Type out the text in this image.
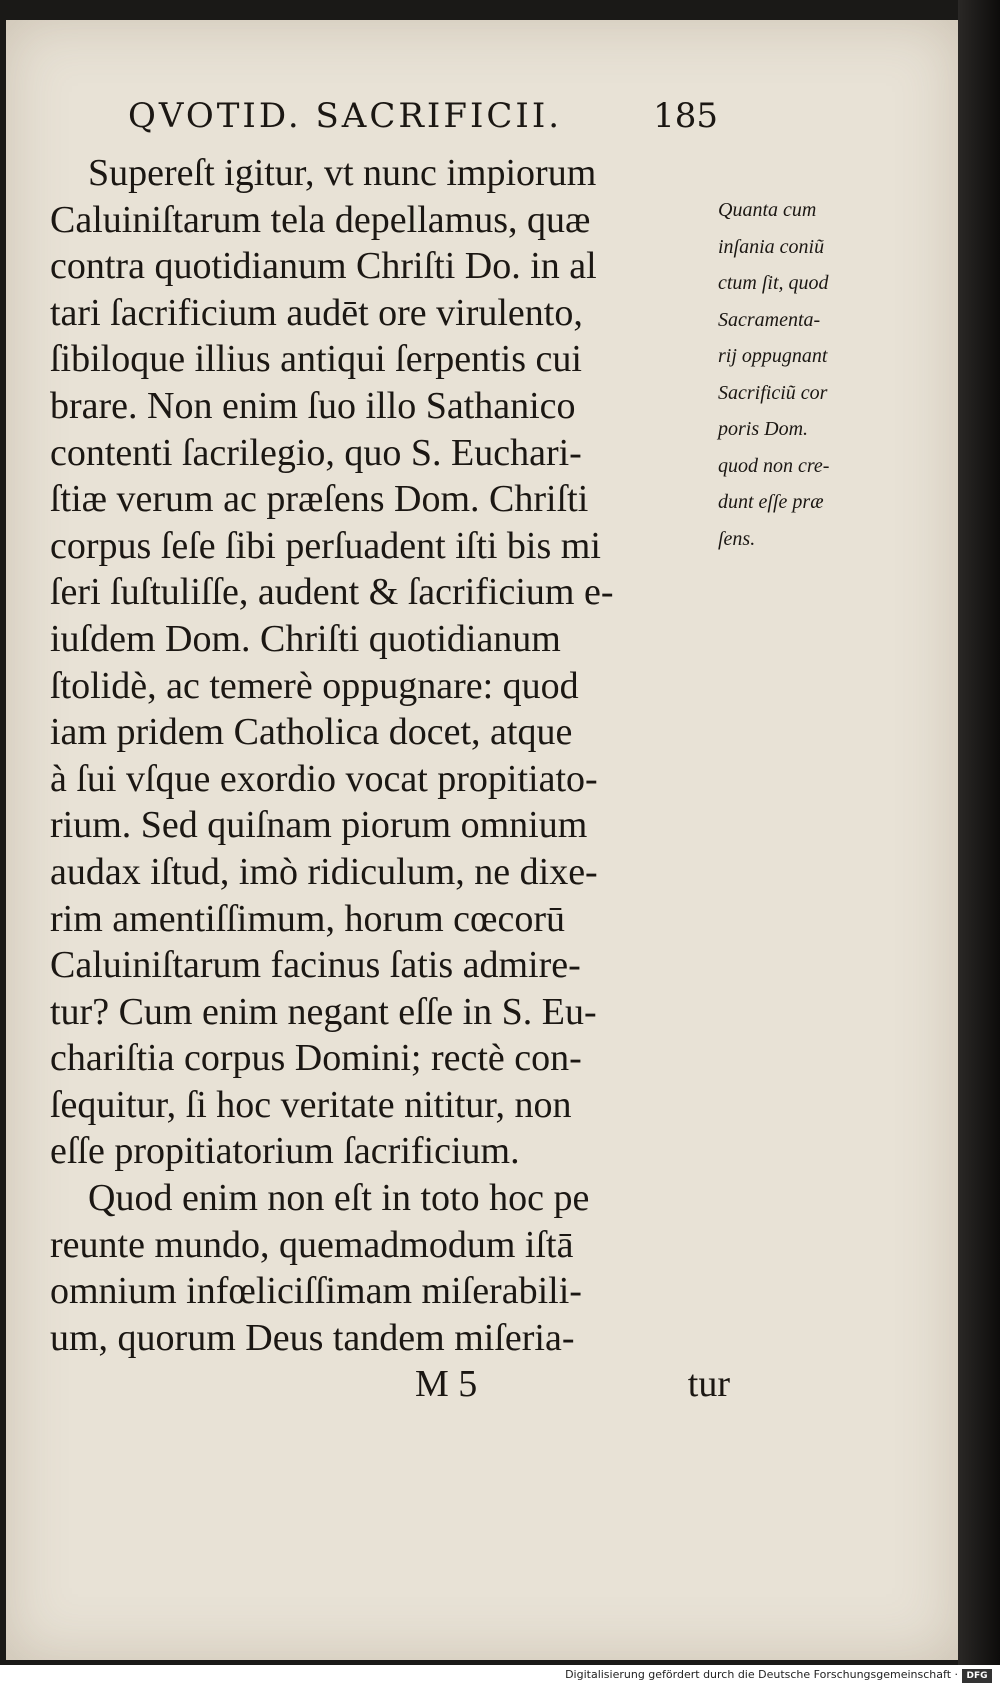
QVOTID. SACRIFICII.	185
Supereſt igitur, vt nunc impiorum
Caluiniſtarum tela depellamus, quæ
contra quotidianum Chriſti Do. in al
tari ſacrificium audēt ore virulento,
ſibiloque illius antiqui ſerpentis cui
brare. Non enim ſuo illo Sathanico
contenti ſacrilegio, quo S. Euchari-
ſtiæ verum ac præſens Dom. Chriſti
corpus ſeſe ſibi perſuadent iſti bis mi
ſeri ſuſtuliſſe, audent & ſacrificium e-
iuſdem Dom. Chriſti quotidianum
ſtolidè, ac temerè oppugnare: quod
iam pridem Catholica docet, atque
à ſui vſque exordio vocat propitiato-
rium. Sed quiſnam piorum omnium
audax iſtud, imò ridiculum, ne dixe-
rim amentiſſimum, horum cœcorū
Caluiniſtarum facinus ſatis admire-
tur? Cum enim negant eſſe in S. Eu-
chariſtia corpus Domini; rectè con-
ſequitur, ſi hoc veritate nititur, non
eſſe propitiatorium ſacrificium.
Quod enim non eſt in toto hoc pe
reunte mundo, quemadmodum iſtā
omnium infœliciſſimam miſerabili-
um, quorum Deus tandem miſeria-
M 5	tur
Quanta cum
inſania coniũ
ctum ſit, quod
Sacramenta-
rij oppugnant
Sacrificiũ cor
poris Dom.
quod non cre-
dunt eſſe præ
ſens.
Digitalisierung gefördert durch die Deutsche Forschungsgemeinschaft · DFG
